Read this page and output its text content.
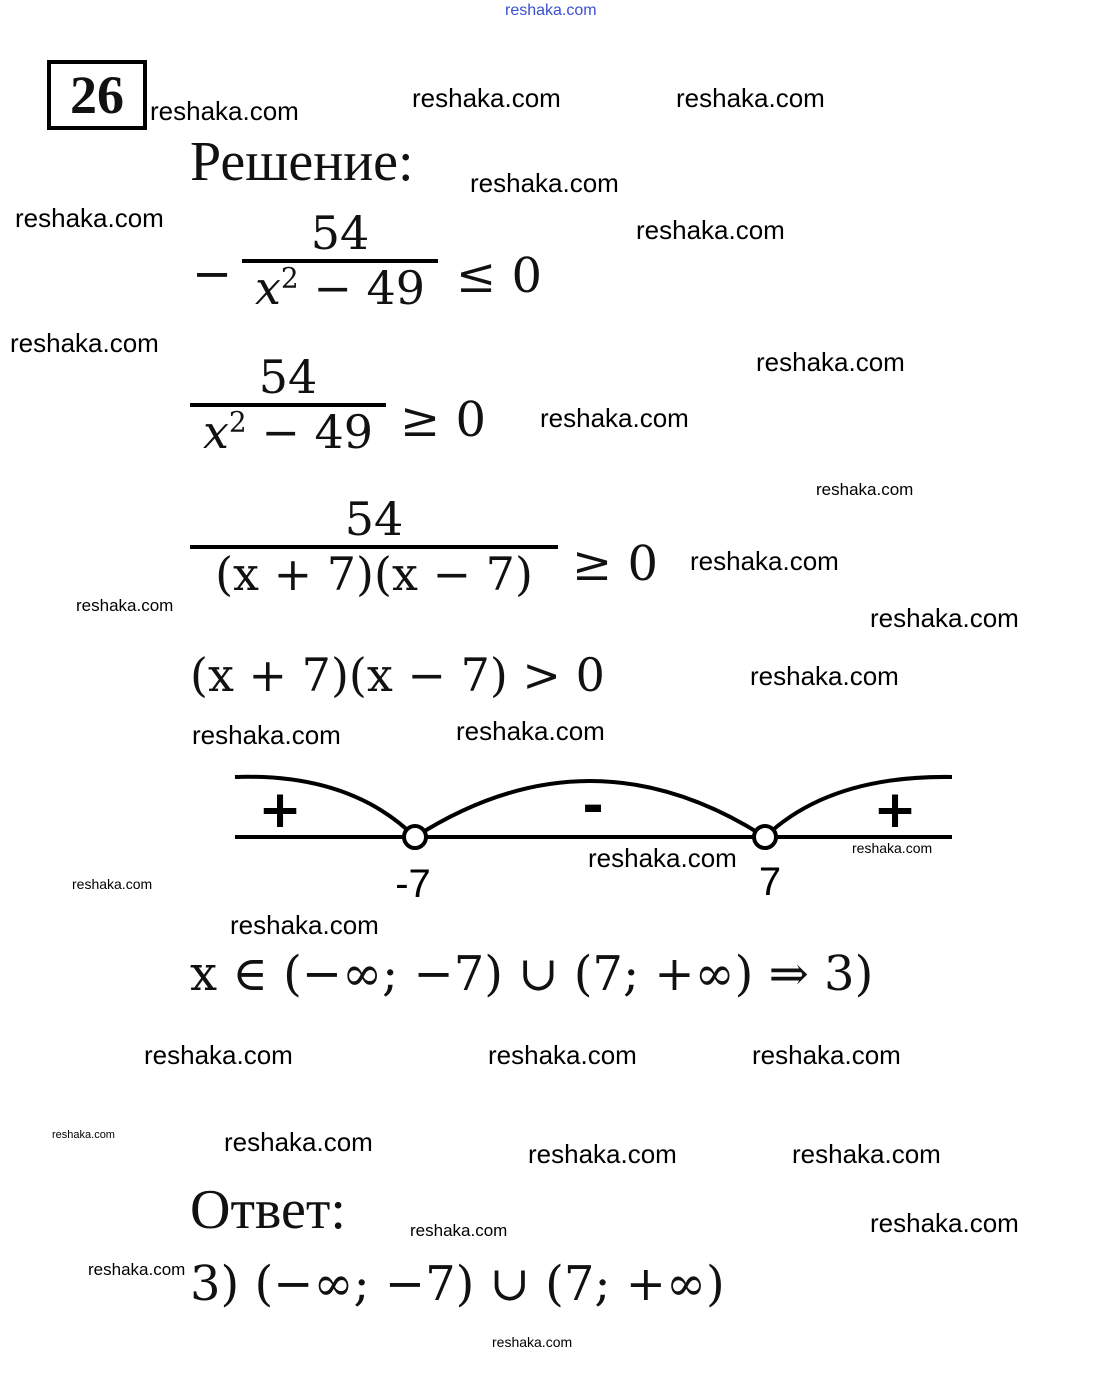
26
Решение:
−
54
$x^2 - 49 \le 0$
54
$x^2 - 49 \ge 0$
54
(x + 7)(x − 7) ≥ 0
(x + 7)(x − 7) > 0
+	-	+
-7	7
x ∈ (−∞; −7) ∪ (7; +∞) ⇒ 3)
Ответ:
3) (−∞; −7) ∪ (7; +∞)
reshaka.com
reshaka.com	reshaka.com	reshaka.com
reshaka.com
reshaka.com
reshaka.com
reshaka.com
reshaka.com
reshaka.com
reshaka.com
reshaka.com
reshaka.com
reshaka.com
reshaka.com
reshaka.com
reshaka.com
reshaka.com
reshaka.com	reshaka.com
reshaka.com
reshaka.com	reshaka.com	reshaka.com
reshaka.com	reshaka.com	reshaka.com	reshaka.com
reshaka.com
reshaka.com
reshaka.com
reshaka.com
